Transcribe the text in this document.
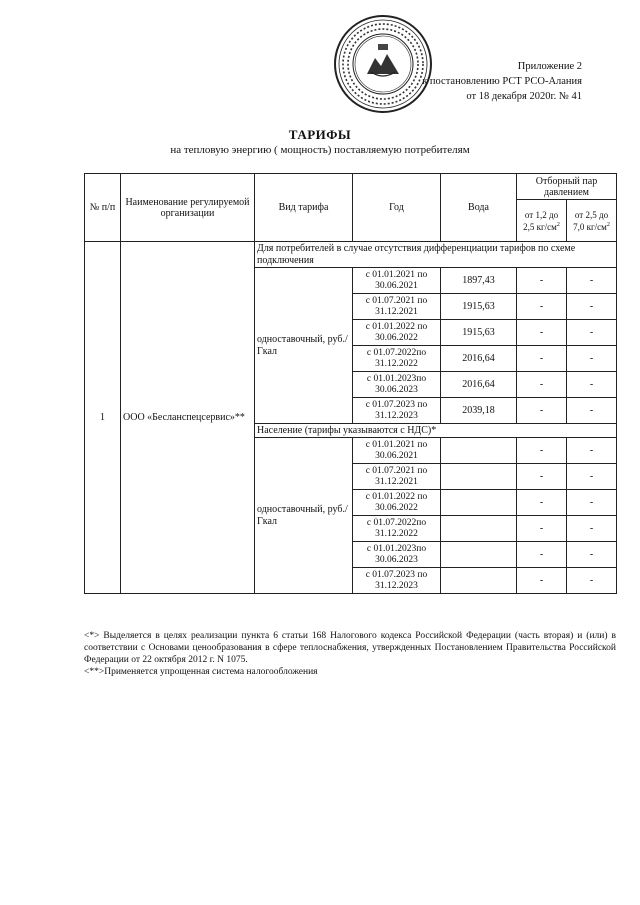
Приложение 2
к постановлению РСТ РСО-Алания
от 18 декабря 2020г. № 41
ТАРИФЫ
на тепловую энергию ( мощность) поставляемую потребителям
№ п/п	Наименование регулируемой организации	Вид тарифа	Год	Вода	Отборный пар давлением	
					от 1,2 до 2,5 $кг/см^2$	от 2,5 до 7,0 $кг/см^2$
1	ООО «Бесланспецсервис»**	Для потребителей в случае отсутствия дифференциации тарифов по схеме подключения				
		одноставочный, руб./Гкал	с 01.01.2021 по 30.06.2021	1897,43	-	-
			с 01.07.2021 по 31.12.2021	1915,63	-	-
			с 01.01.2022 по 30.06.2022	1915,63	-	-
			с 01.07.2022по 31.12.2022	2016,64	-	-
			с 01.01.2023по 30.06.2023	2016,64	-	-
			с 01.07.2023 по 31.12.2023	2039,18	-	-
		Население (тарифы указываются с НДС)*				
		одноставочный, руб./Гкал	с 01.01.2021 по 30.06.2021		-	-
			с 01.07.2021 по 31.12.2021		-	-
			с 01.01.2022 по 30.06.2022		-	-
			с 01.07.2022по 31.12.2022		-	-
			с 01.01.2023по 30.06.2023		-	-
			с 01.07.2023 по 31.12.2023		-	-

<*> Выделяется в целях реализации пункта 6 статьи 168 Налогового кодекса Российской Федерации (часть вторая) и (или) в соответствии с Основами ценообразования в сфере теплоснабжения, утвержденных Постановлением Правительства Российской Федерации от 22 октября 2012 г. N 1075.

<**>Применяется упрощенная система налогообложения
